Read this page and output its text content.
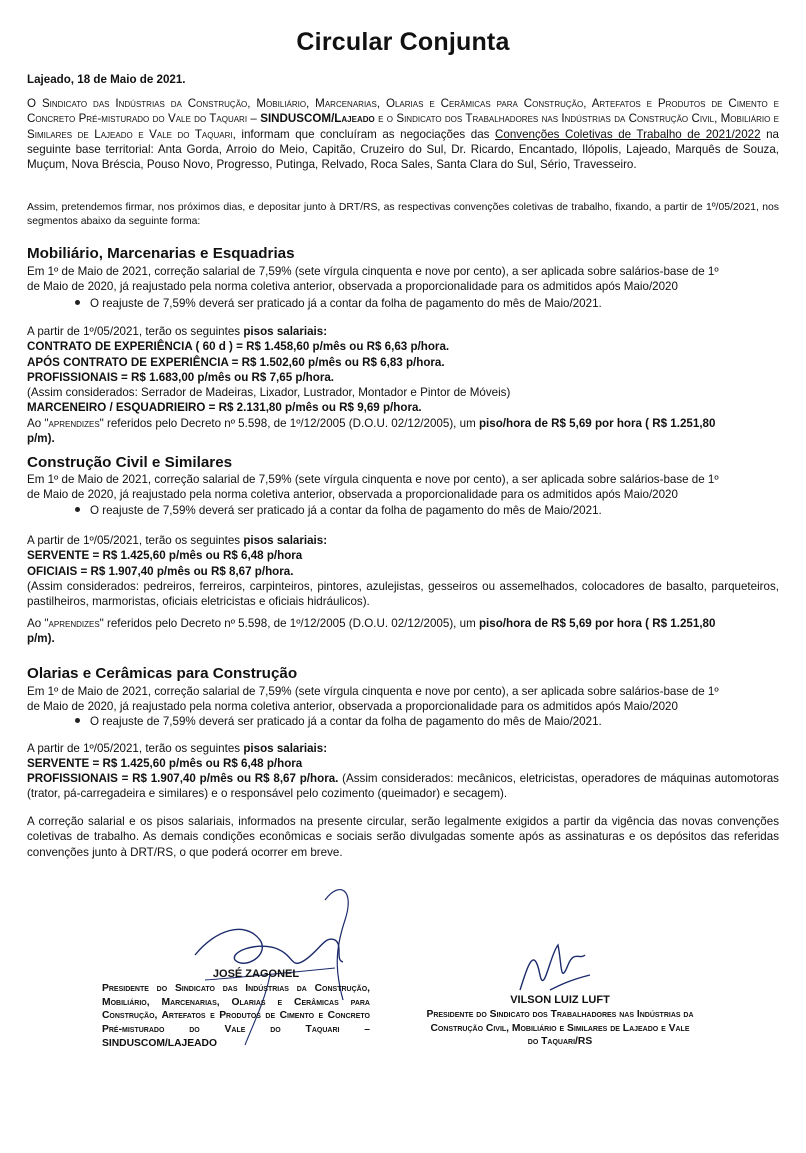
Circular Conjunta
Lajeado, 18 de Maio de 2021.
O Sindicato das Indústrias da Construção, Mobiliário, Marcenarias, Olarias e Cerâmicas para Construção, Artefatos e Produtos de Cimento e Concreto Pré-misturado do Vale do Taquari – SINDUSCOM/Lajeado e o Sindicato dos Trabalhadores nas Indústrias da Construção Civil, Mobiliário e Similares de Lajeado e Vale do Taquari, informam que concluíram as negociações das Convenções Coletivas de Trabalho de 2021/2022 na seguinte base territorial: Anta Gorda, Arroio do Meio, Capitão, Cruzeiro do Sul, Dr. Ricardo, Encantado, Ilópolis, Lajeado, Marquês de Souza, Muçum, Nova Bréscia, Pouso Novo, Progresso, Putinga, Relvado, Roca Sales, Santa Clara do Sul, Sério, Travesseiro.
Assim, pretendemos firmar, nos próximos dias, e depositar junto à DRT/RS, as respectivas convenções coletivas de trabalho, fixando, a partir de 1º/05/2021, nos segmentos abaixo da seguinte forma:
Mobiliário, Marcenarias e Esquadrias
Em 1º de Maio de 2021, correção salarial de 7,59% (sete vírgula cinquenta e nove por cento), a ser aplicada sobre salários-base de 1º
de Maio de 2020, já reajustado pela norma coletiva anterior, observada a proporcionalidade para os admitidos após Maio/2020
O reajuste de 7,59% deverá ser praticado já a contar da folha de pagamento do mês de Maio/2021.
A partir de 1º/05/2021, terão os seguintes pisos salariais:
CONTRATO DE EXPERIÊNCIA ( 60 d ) = R$ 1.458,60 p/mês ou R$ 6,63 p/hora.
APÓS CONTRATO DE EXPERIÊNCIA = R$ 1.502,60 p/mês ou R$ 6,83 p/hora.
PROFISSIONAIS = R$ 1.683,00 p/mês ou R$ 7,65 p/hora.
(Assim considerados: Serrador de Madeiras, Lixador, Lustrador, Montador e Pintor de Móveis)
MARCENEIRO / ESQUADRIEIRO = R$ 2.131,80 p/mês ou R$ 9,69 p/hora.
Ao "aprendizes" referidos pelo Decreto nº 5.598, de 1º/12/2005 (D.O.U. 02/12/2005), um piso/hora de R$ 5,69 por hora ( R$ 1.251,80
p/m).
Construção Civil e Similares
Em 1º de Maio de 2021, correção salarial de 7,59% (sete vírgula cinquenta e nove por cento), a ser aplicada sobre salários-base de 1º
de Maio de 2020, já reajustado pela norma coletiva anterior, observada a proporcionalidade para os admitidos após Maio/2020
O reajuste de 7,59% deverá ser praticado já a contar da folha de pagamento do mês de Maio/2021.
A partir de 1º/05/2021, terão os seguintes pisos salariais:
SERVENTE = R$ 1.425,60 p/mês ou R$ 6,48 p/hora
OFICIAIS = R$ 1.907,40 p/mês ou R$ 8,67 p/hora.
(Assim considerados: pedreiros, ferreiros, carpinteiros, pintores, azulejistas, gesseiros ou assemelhados, colocadores de basalto, parqueteiros, pastilheiros, marmoristas, oficiais eletricistas e oficiais hidráulicos).
Ao "aprendizes" referidos pelo Decreto nº 5.598, de 1º/12/2005 (D.O.U. 02/12/2005), um piso/hora de R$ 5,69 por hora ( R$ 1.251,80
p/m).
Olarias e Cerâmicas para Construção
Em 1º de Maio de 2021, correção salarial de 7,59% (sete vírgula cinquenta e nove por cento), a ser aplicada sobre salários-base de 1º
de Maio de 2020, já reajustado pela norma coletiva anterior, observada a proporcionalidade para os admitidos após Maio/2020
O reajuste de 7,59% deverá ser praticado já a contar da folha de pagamento do mês de Maio/2021.
A partir de 1º/05/2021, terão os seguintes pisos salariais:
SERVENTE = R$ 1.425,60 p/mês ou R$ 6,48 p/hora
PROFISSIONAIS = R$ 1.907,40 p/mês ou R$ 8,67 p/hora. (Assim considerados: mecânicos, eletricistas, operadores de máquinas automotoras (trator, pá-carregadeira e similares) e o responsável pelo cozimento (queimador) e secagem).
A correção salarial e os pisos salariais, informados na presente circular, serão legalmente exigidos a partir da vigência das novas convenções coletivas de trabalho. As demais condições econômicas e sociais serão divulgadas somente após as assinaturas e os depósitos das referidas convenções junto à DRT/RS, o que poderá ocorrer em breve.
JOSÉ ZAGONEL
Presidente do Sindicato das Indústrias da Construção, Mobiliário, Marcenarias, Olarias e Cerâmicas para Construção, Artefatos e Produtos de Cimento e Concreto Pré-misturado do Vale do Taquari – SINDUSCOM/LAJEADO
VILSON LUIZ LUFT
Presidente do Sindicato dos Trabalhadores nas Indústrias da Construção Civil, Mobiliário e Similares de Lajeado e Vale do Taquari/RS
